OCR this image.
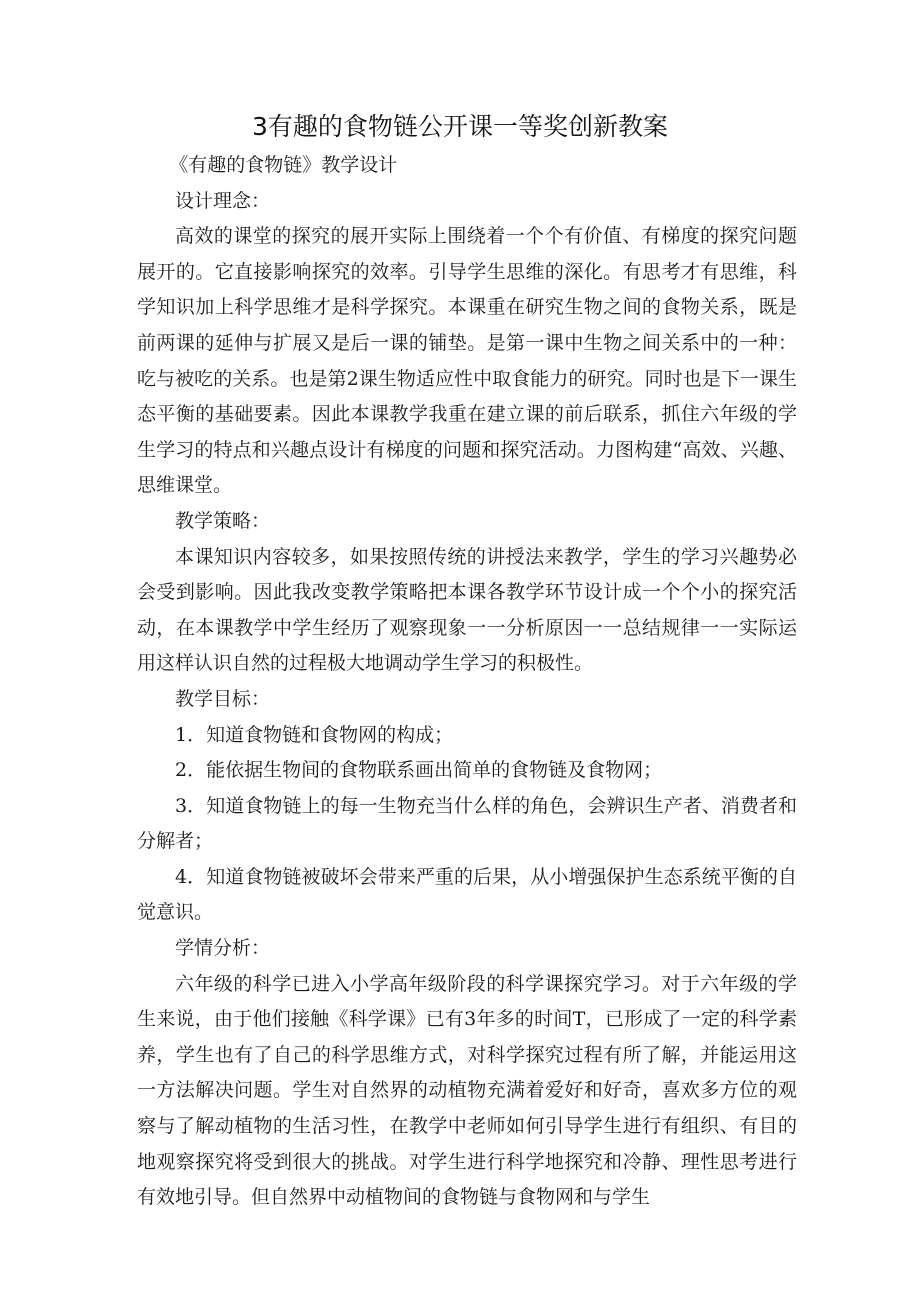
3有趣的食物链公开课一等奖创新教案

《有趣的食物链》教学设计

设计理念：

高效的课堂的探究的展开实际上围绕着一个个有价值、有梯度的探究问题展开的。它直接影响探究的效率。引导学生思维的深化。有思考才有思维，科学知识加上科学思维才是科学探究。本课重在研究生物之间的食物关系，既是前两课的延伸与扩展又是后一课的铺垫。是第一课中生物之间关系中的一种：吃与被吃的关系。也是第2课生物适应性中取食能力的研究。同时也是下一课生态平衡的基础要素。因此本课教学我重在建立课的前后联系，抓住六年级的学生学习的特点和兴趣点设计有梯度的问题和探究活动。力图构建“高效、兴趣、思维课堂。

教学策略：

本课知识内容较多，如果按照传统的讲授法来教学，学生的学习兴趣势必会受到影响。因此我改变教学策略把本课各教学环节设计成一个个小的探究活动，在本课教学中学生经历了观察现象一一分析原因一一总结规律一一实际运用这样认识自然的过程极大地调动学生学习的积极性。

教学目标：

1．知道食物链和食物网的构成；

2．能依据生物间的食物联系画出简单的食物链及食物网；

3．知道食物链上的每一生物充当什么样的角色，会辨识生产者、消费者和分解者；

4．知道食物链被破坏会带来严重的后果，从小增强保护生态系统平衡的自觉意识。

学情分析：

六年级的科学已进入小学高年级阶段的科学课探究学习。对于六年级的学生来说，由于他们接触《科学课》已有3年多的时间T，已形成了一定的科学素养，学生也有了自己的科学思维方式，对科学探究过程有所了解，并能运用这一方法解决问题。学生对自然界的动植物充满着爱好和好奇，喜欢多方位的观察与了解动植物的生活习性，在教学中老师如何引导学生进行有组织、有目的地观察探究将受到很大的挑战。对学生进行科学地探究和冷静、理性思考进行有效地引导。但自然界中动植物间的食物链与食物网和与学生
